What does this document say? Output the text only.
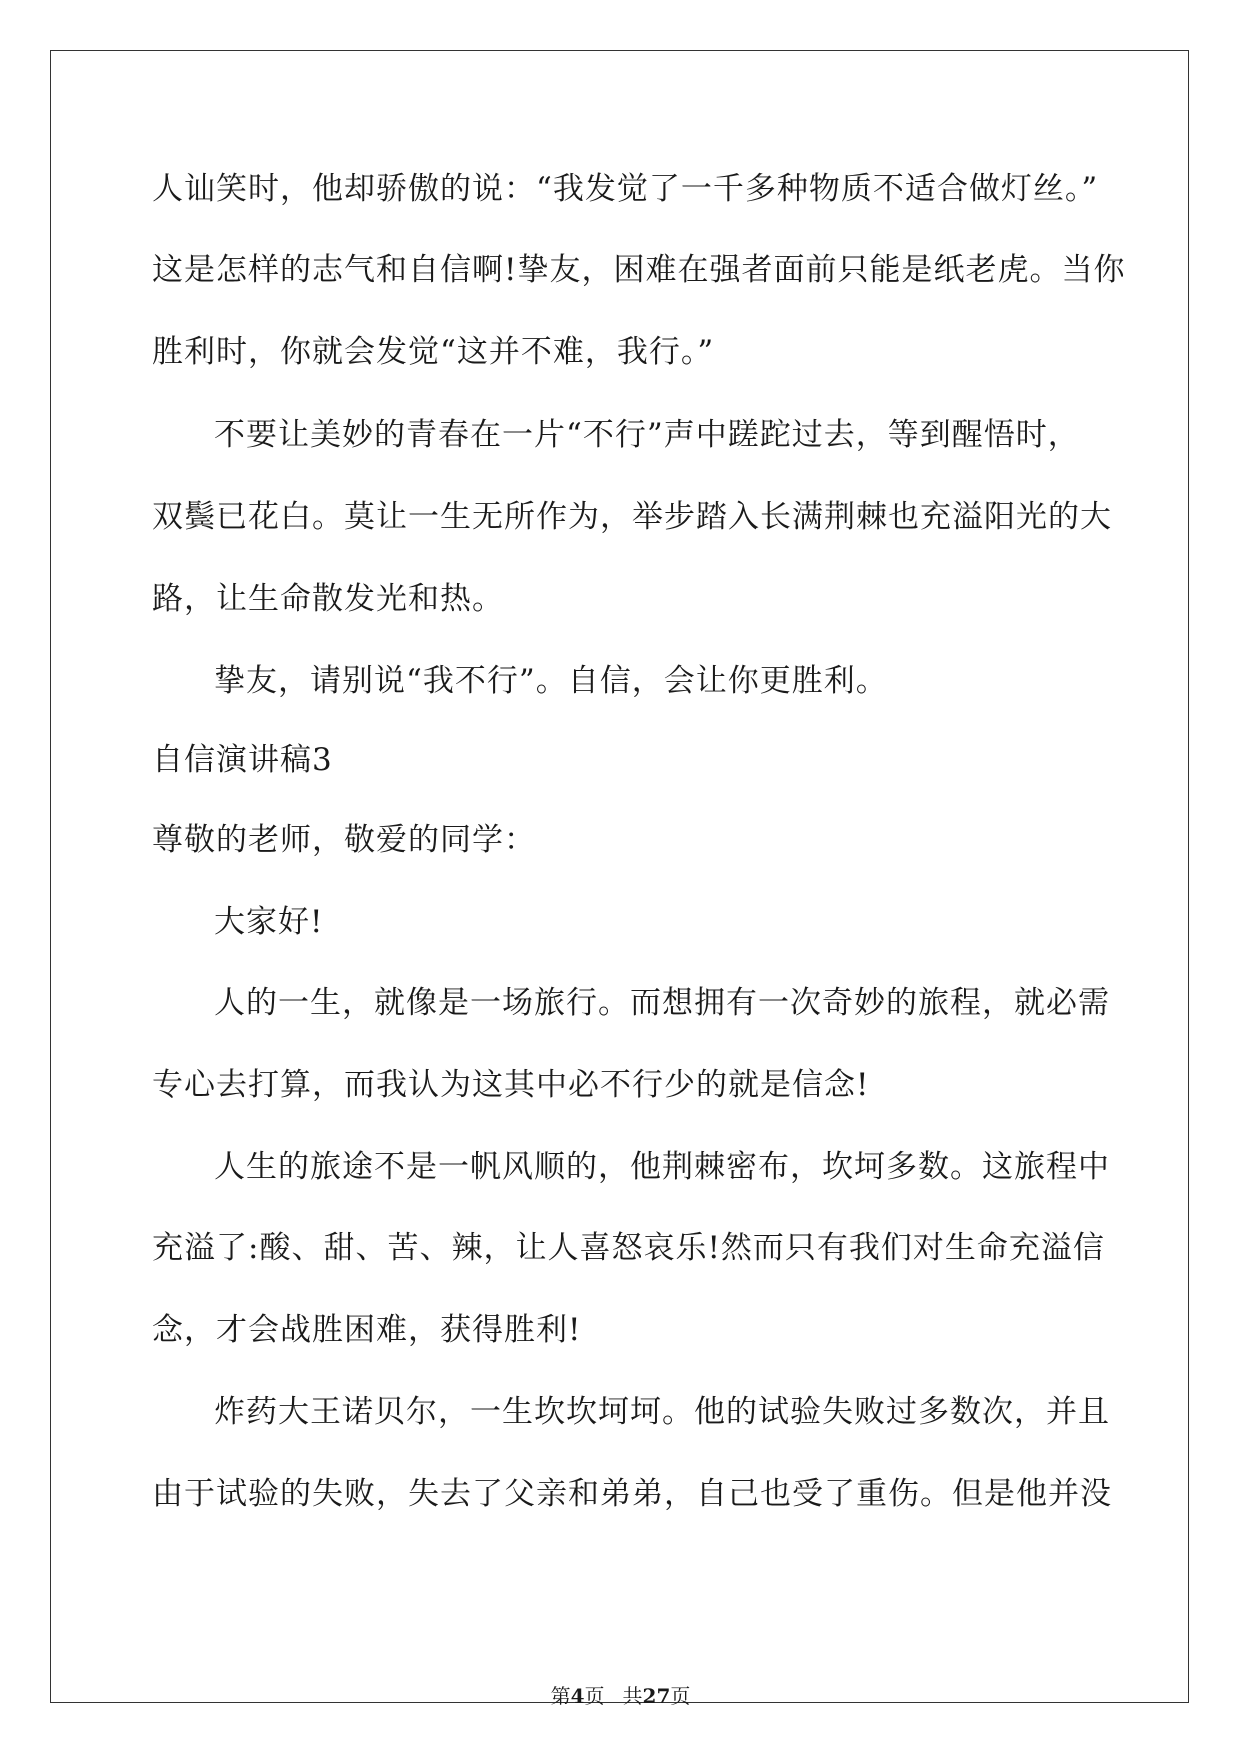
人讪笑时，他却骄傲的说：“我发觉了一千多种物质不适合做灯丝。”
这是怎样的志气和自信啊!挚友，困难在强者面前只能是纸老虎。当你
胜利时，你就会发觉“这并不难，我行。”
不要让美妙的青春在一片“不行”声中蹉跎过去，等到醒悟时，
双鬓已花白。莫让一生无所作为，举步踏入长满荆棘也充溢阳光的大
路，让生命散发光和热。
挚友，请别说“我不行”。自信，会让你更胜利。
自信演讲稿3
尊敬的老师，敬爱的同学：
大家好!
人的一生，就像是一场旅行。而想拥有一次奇妙的旅程，就必需
专心去打算，而我认为这其中必不行少的就是信念!
人生的旅途不是一帆风顺的，他荆棘密布，坎坷多数。这旅程中
充溢了:酸、甜、苦、辣，让人喜怒哀乐!然而只有我们对生命充溢信
念，才会战胜困难，获得胜利!
炸药大王诺贝尔，一生坎坎坷坷。他的试验失败过多数次，并且
由于试验的失败，失去了父亲和弟弟，自己也受了重伤。但是他并没
第4页 共27页
